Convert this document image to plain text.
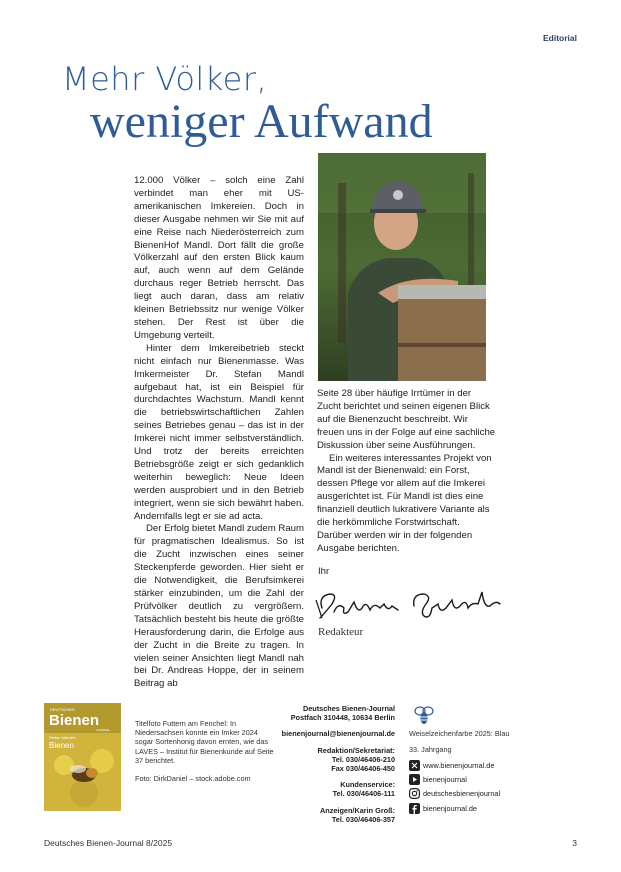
Editorial
Mehr Völker,
weniger Aufwand

12.000 Völker – solch eine Zahl verbindet man eher mit US-amerikanischen Imkereien. Doch in dieser Ausgabe nehmen wir Sie mit auf eine Reise nach Niederösterreich zum BienenHof Mandl. Dort fällt die große Völkerzahl auf den ersten Blick kaum auf, auch wenn auf dem Gelände durchaus reger Betrieb herrscht. Das liegt auch daran, dass am relativ kleinen Betriebssitz nur wenige Völker stehen. Der Rest ist über die Umgebung verteilt.

Hinter dem Imkereibetrieb steckt nicht einfach nur Bienenmasse. Was Imkermeister Dr. Stefan Mandl aufgebaut hat, ist ein Beispiel für durchdachtes Wachstum. Mandl kennt die betriebswirtschaftlichen Zahlen seines Betriebes genau – das ist in der Imkerei nicht immer selbstverständlich. Und trotz der bereits erreichten Betriebsgröße zeigt er sich gedanklich weiterhin beweglich: Neue Ideen werden ausprobiert und in den Betrieb integriert, wenn sie sich bewährt haben. Andernfalls legt er sie ad acta.

Der Erfolg bietet Mandl zudem Raum für pragmatischen Idealismus. So ist die Zucht inzwischen eines seiner Steckenpferde geworden. Hier sieht er die Notwendigkeit, die Berufsimkerei stärker einzubinden, um die Zahl der Prüfvölker deutlich zu vergrößern. Tatsächlich besteht bis heute die größte Herausforderung darin, die Erfolge aus der Zucht in die Breite zu tragen. In vielen seiner Ansichten liegt Mandl nah bei Dr. Andreas Hoppe, der in seinem Beitrag ab

Seite 28 über häufige Irrtümer in der Zucht berichtet und seinen eigenen Blick auf die Bienenzucht beschreibt. Wir freuen uns in der Folge auf eine sachliche Diskussion über seine Ausführungen.

Ein weiteres interessantes Projekt von Mandl ist der Bienenwald: ein Forst, dessen Pflege vor allem auf die Imkerei ausgerichtet ist. Für Mandl ist dies eine finanziell deutlich lukrativere Variante als die herkömmliche Forstwirtschaft. Darüber werden wir in der folgenden Ausgabe berichten.

Ihr
Redakteur
DEUTSCHES
Bienen
JOURNAL
Stefan Mandl's
Bienen

Titelfoto Futtern am Fenchel: In Niedersachsen konnte ein Imker 2024 sogar Sortenhonig davon ernten, wie das LAVES – Institut für Bienenkunde auf Seite 37 berichtet.

Foto: DirkDaniel – stock.adobe.com

Deutsches Bienen-Journal
Postfach 310448, 10634 Berlin
bienenjournal@bienenjournal.de
Redaktion/Sekretariat:
Tel. 030/46406-210
Fax 030/46406-450
Kundenservice:
Tel. 030/46406-111
Anzeigen/Karin Groß:
Tel. 030/46406-357
Weiselzeichenfarbe 2025: Blau
33. Jahrgang
www.bienenjournal.de
bienenjournal
deutschesbienenjournal
bienenjournal.de
Deutsches Bienen-Journal 8/2025	3
